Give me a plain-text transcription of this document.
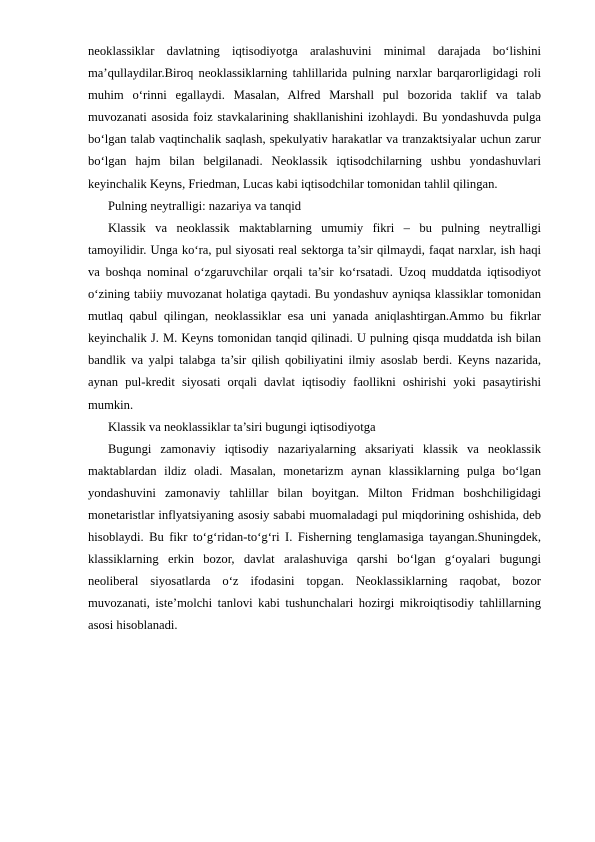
neoklassiklar davlatning iqtisodiyotga aralashuvini minimal darajada bo‘lishini ma’qullaydilar.Biroq neoklassiklarning tahlillarida pulning narxlar barqarorligidagi roli muhim o‘rinni egallaydi. Masalan, Alfred Marshall pul bozorida taklif va talab muvozanati asosida foiz stavkalarining shakllanishini izohlaydi. Bu yondashuvda pulga bo‘lgan talab vaqtinchalik saqlash, spekulyativ harakatlar va tranzaktsiyalar uchun zarur bo‘lgan hajm bilan belgilanadi. Neoklassik iqtisodchilarning ushbu yondashuvlari keyinchalik Keyns, Friedman, Lucas kabi iqtisodchilar tomonidan tahlil qilingan.

Pulning neytralligi: nazariya va tanqid

Klassik va neoklassik maktablarning umumiy fikri – bu pulning neytralligi tamoyilidir. Unga ko‘ra, pul siyosati real sektorga ta’sir qilmaydi, faqat narxlar, ish haqi va boshqa nominal o‘zgaruvchilar orqali ta’sir ko‘rsatadi. Uzoq muddatda iqtisodiyot o‘zining tabiiy muvozanat holatiga qaytadi. Bu yondashuv ayniqsa klassiklar tomonidan mutlaq qabul qilingan, neoklassiklar esa uni yanada aniqlashtirgan.Ammo bu fikrlar keyinchalik J. M. Keyns tomonidan tanqid qilinadi. U pulning qisqa muddatda ish bilan bandlik va yalpi talabga ta’sir qilish qobiliyatini ilmiy asoslab berdi. Keyns nazarida, aynan pul-kredit siyosati orqali davlat iqtisodiy faollikni oshirishi yoki pasaytirishi mumkin.

Klassik va neoklassiklar ta’siri bugungi iqtisodiyotga

Bugungi zamonaviy iqtisodiy nazariyalarning aksariyati klassik va neoklassik maktablardan ildiz oladi. Masalan, monetarizm aynan klassiklarning pulga bo‘lgan yondashuvini zamonaviy tahlillar bilan boyitgan. Milton Fridman boshchiligidagi monetaristlar inflyatsiyaning asosiy sababi muomaladagi pul miqdorining oshishida, deb hisoblaydi. Bu fikr to‘g‘ridan-to‘g‘ri I. Fisherning tenglamasiga tayangan.Shuningdek, klassiklarning erkin bozor, davlat aralashuviga qarshi bo‘lgan g‘oyalari bugungi neoliberal siyosatlarda o‘z ifodasini topgan. Neoklassiklarning raqobat, bozor muvozanati, iste’molchi tanlovi kabi tushunchalari hozirgi mikroiqtisodiy tahlillarning asosi hisoblanadi.
